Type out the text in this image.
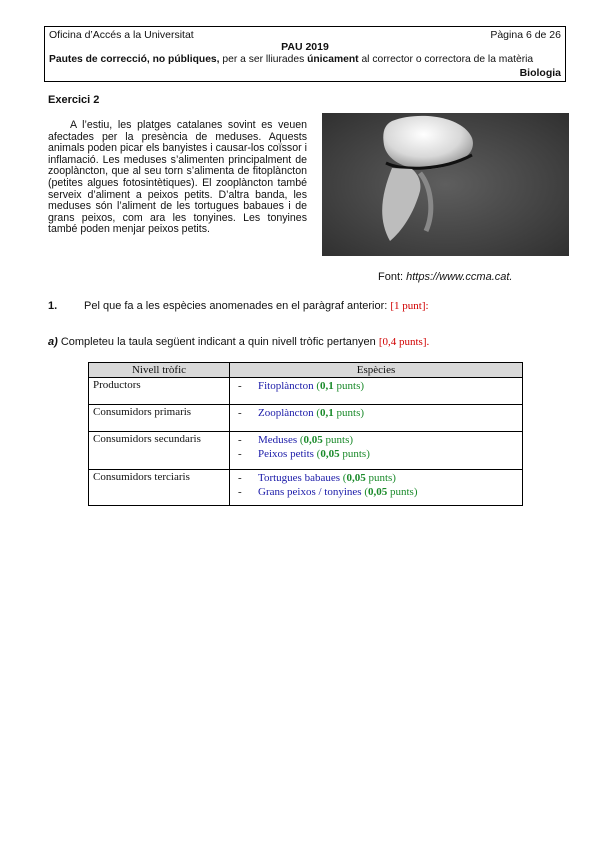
Oficina d’Accés a la Universitat	Pàgina 6 de 26
PAU 2019
Pautes de correcció, no públiques, per a ser lliurades únicament al corrector o correctora de la matèria
Biologia
Exercici 2

A l’estiu, les platges catalanes sovint es veuen afectades per la presència de meduses. Aquests animals poden picar els banyistes i causar-los coïssor i inflamació. Les meduses s’alimenten principalment de zooplàncton, que al seu torn s’alimenta de fitoplàncton (petites algues fotosintètiques). El zooplàncton també serveix d’aliment a peixos petits. D’altra banda, les meduses són l’aliment de les tortugues babaues i de grans peixos, com ara les tonyines. Les tonyines també poden menjar peixos petits.

Font: https://www.ccma.cat.
1. Pel que fa a les espècies anomenades en el paràgraf anterior: [1 punt]:
a) Completeu la taula següent indicant a quin nivell tròfic pertanyen [0,4 punts].
Nivell tròfic	Espècies
Productors	- Fitoplàncton (0,1 punts)

Consumidors primaris	- Zooplàncton (0,1 punts)

Consumidors secundaris	- Meduses (0,05 punts)
- Peixos petits (0,05 punts)

Consumidors terciaris	- Tortugues babaues (0,05 punts)
- Grans peixos / tonyines (0,05 punts)
